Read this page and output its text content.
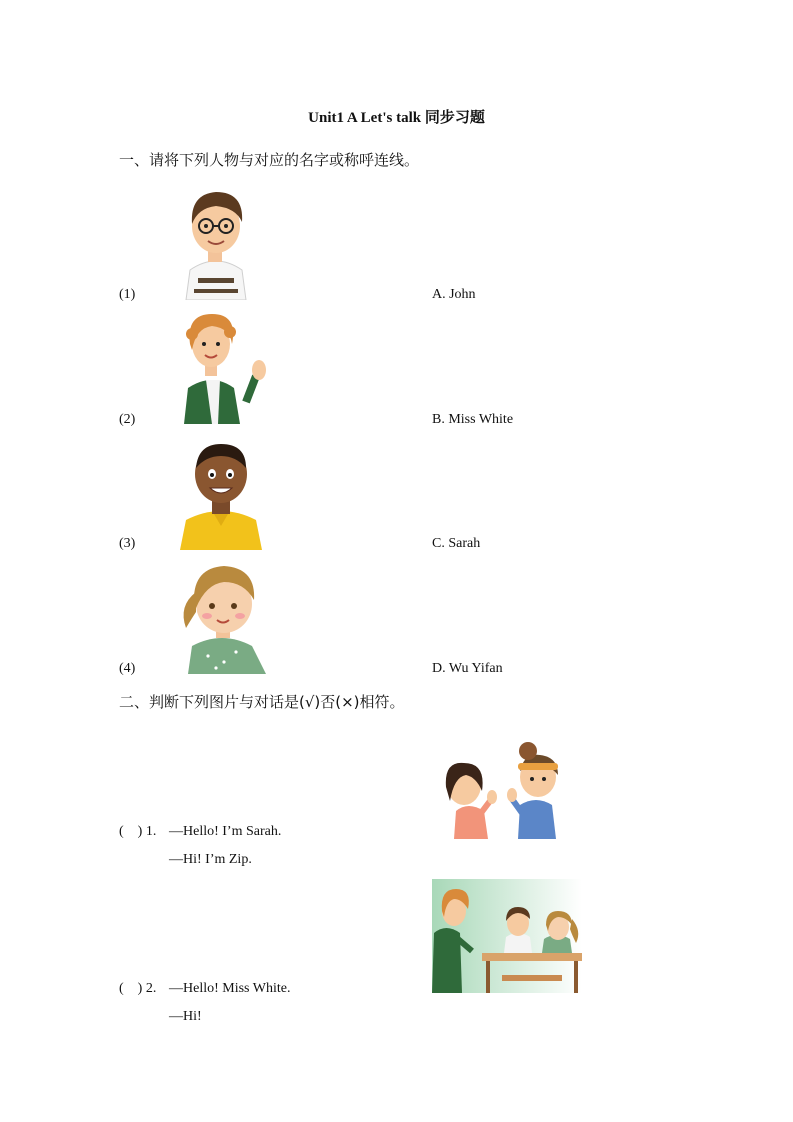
Unit1 A Let's talk 同步习题
一、请将下列人物与对应的名字或称呼连线。
(1)	A. John
(2)	B. Miss White
(3)	C. Sarah
(4)	D. Wu Yifan
二、判断下列图片与对话是(√)否(×)相符。
(    ) 1. —Hello! I’m Sarah.
—Hi! I’m Zip.
(    ) 2. —Hello! Miss White.
—Hi!
